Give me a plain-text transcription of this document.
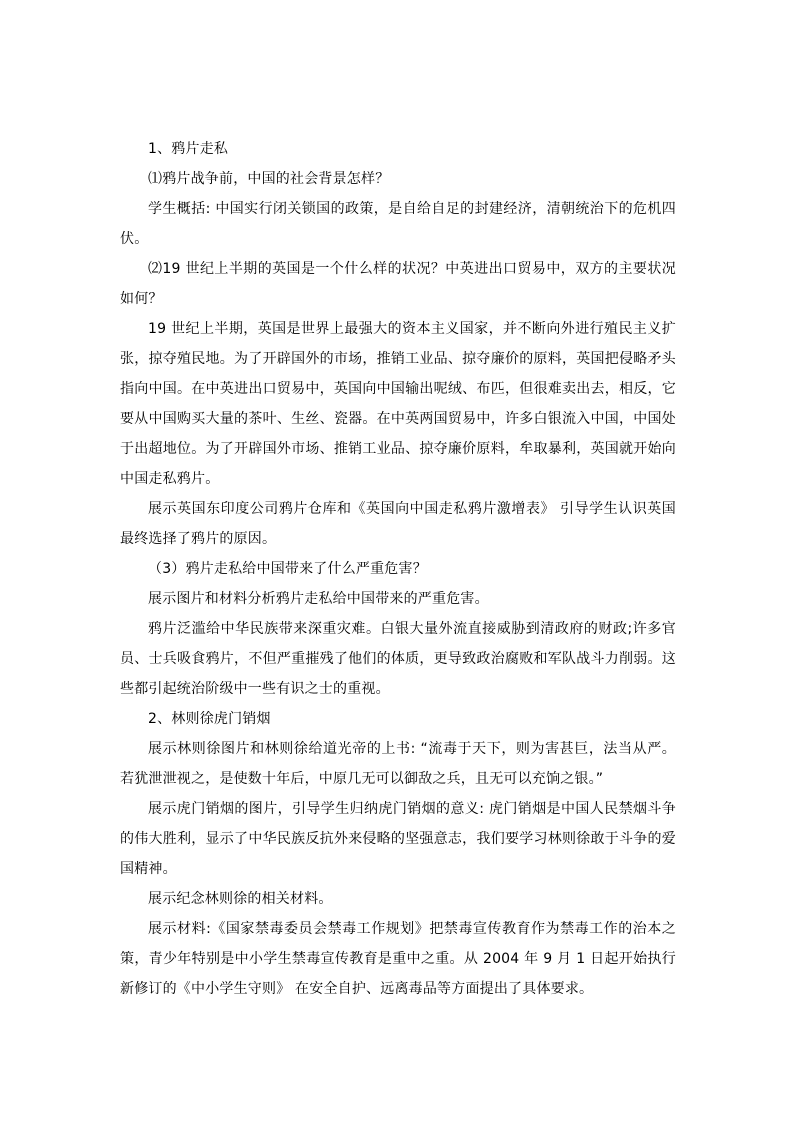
1、鸦片走私

⑴鸦片战争前，中国的社会背景怎样？

学生概括: 中国实行闭关锁国的政策，是自给自足的封建经济，清朝统治下的危机四伏。

⑵19 世纪上半期的英国是一个什么样的状况？中英进出口贸易中，双方的主要状况如何？

19 世纪上半期，英国是世界上最强大的资本主义国家，并不断向外进行殖民主义扩张，掠夺殖民地。为了开辟国外的市场，推销工业品、掠夺廉价的原料，英国把侵略矛头指向中国。在中英进出口贸易中，英国向中国输出呢绒、布匹，但很难卖出去，相反，它要从中国购买大量的茶叶、生丝、瓷器。在中英两国贸易中，许多白银流入中国，中国处于出超地位。为了开辟国外市场、推销工业品、掠夺廉价原料，牟取暴利，英国就开始向中国走私鸦片。

展示英国东印度公司鸦片仓库和《英国向中国走私鸦片激增表》 引导学生认识英国最终选择了鸦片的原因。

（3）鸦片走私给中国带来了什么严重危害？

展示图片和材料分析鸦片走私给中国带来的严重危害。

鸦片泛滥给中华民族带来深重灾难。白银大量外流直接威胁到清政府的财政;许多官员、士兵吸食鸦片，不但严重摧残了他们的体质，更导致政治腐败和军队战斗力削弱。这些都引起统治阶级中一些有识之士的重视。

2、林则徐虎门销烟

展示林则徐图片和林则徐给道光帝的上书: “流毒于天下，则为害甚巨，法当从严。若犹泄泄视之，是使数十年后，中原几无可以御敌之兵，且无可以充饷之银。”

展示虎门销烟的图片，引导学生归纳虎门销烟的意义: 虎门销烟是中国人民禁烟斗争的伟大胜利，显示了中华民族反抗外来侵略的坚强意志，我们要学习林则徐敢于斗争的爱国精神。

展示纪念林则徐的相关材料。

展示材料:《国家禁毒委员会禁毒工作规划》把禁毒宣传教育作为禁毒工作的治本之策，青少年特别是中小学生禁毒宣传教育是重中之重。从 2004 年 9 月 1 日起开始执行新修订的《中小学生守则》 在安全自护、远离毒品等方面提出了具体要求。
